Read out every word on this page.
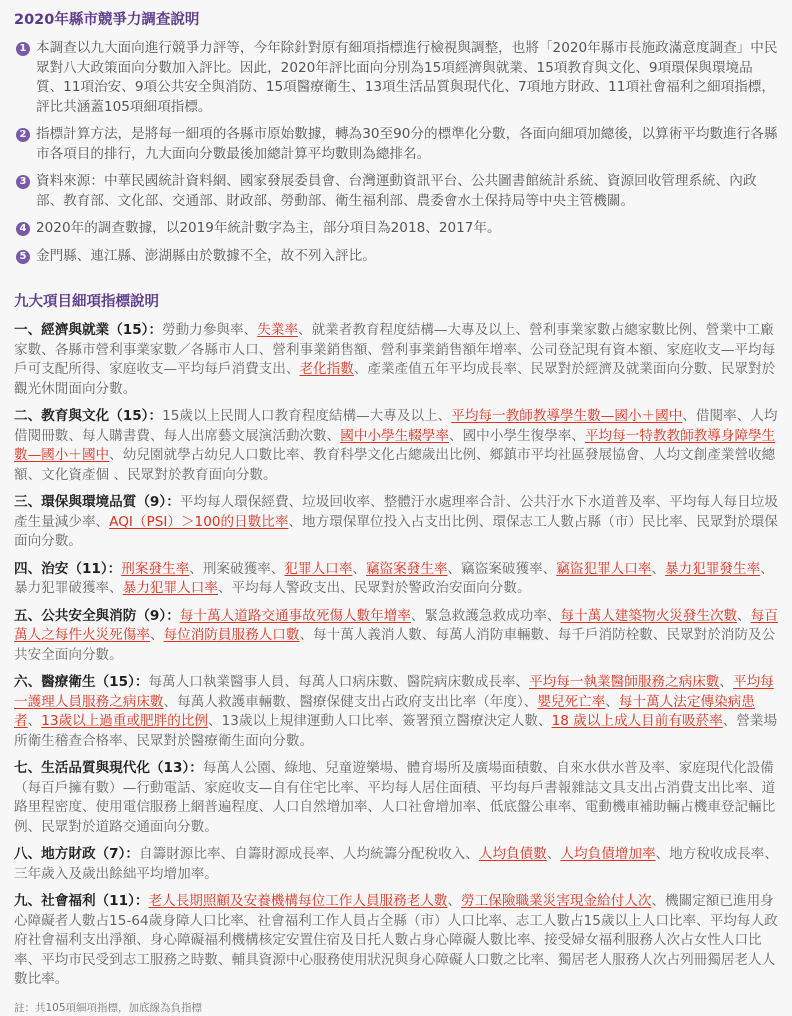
2020年縣市競爭力調查說明
1 本調查以九大面向進行競爭力評等，今年除針對原有細項指標進行檢視與調整，也將「2020年縣市長施政滿意度調查」中民眾對八大政策面向分數加入評比。因此，2020年評比面向分別為15項經濟與就業、15項教育與文化、9項環保與環境品質、11項治安、9項公共安全與消防、15項醫療衛生、13項生活品質與現代化、7項地方財政、11項社會福利之細項指標，評比共涵蓋105項細項指標。
2 指標計算方法，是將每一細項的各縣市原始數據，轉為30至90分的標準化分數，各面向細項加總後，以算術平均數進行各縣市各項目的排行，九大面向分數最後加總計算平均數則為總排名。
3 資料來源：中華民國統計資料網、國家發展委員會、台灣運動資訊平台、公共圖書館統計系統、資源回收管理系統、內政部、教育部、文化部、交通部、財政部、勞動部、衛生福利部、農委會水土保持局等中央主管機關。
4 2020年的調查數據，以2019年統計數字為主，部分項目為2018、2017年。
5 金門縣、連江縣、澎湖縣由於數據不全，故不列入評比。
九大項目細項指標說明
一、經濟與就業（15）：勞動力參與率、失業率、就業者教育程度結構—大專及以上、營利事業家數占總家數比例、營業中工廠家數、各縣市營利事業家數／各縣市人口、營利事業銷售額、營利事業銷售額年增率、公司登記現有資本額、家庭收支—平均每戶可支配所得、家庭收支—平均每戶消費支出、老化指數、產業產值五年平均成長率、民眾對於經濟及就業面向分數、民眾對於觀光休閒面向分數。
二、教育與文化（15）：15歲以上民間人口教育程度結構—大專及以上、平均每一教師教導學生數—國小＋國中、借閱率、人均借閱冊數、每人購書費、每人出席藝文展演活動次數、國中小學生輟學率、國中小學生復學率、平均每一特教教師教導身障學生數—國小＋國中、幼兒園就學占幼兒人口數比率、教育科學文化占總歲出比例、鄉鎮市平均社區發展協會、人均文創產業營收總額、文化資產個 、民眾對於教育面向分數。
三、環保與環境品質（9）：平均每人環保經費、垃圾回收率、整體汙水處理率合計、公共汙水下水道普及率、平均每人每日垃圾產生量減少率、AQI（PSI）＞100的日數比率、地方環保單位投入占支出比例、環保志工人數占縣（市）民比率、民眾對於環保面向分數。
四、治安（11）：刑案發生率、刑案破獲率、犯罪人口率、竊盜案發生率、竊盜案破獲率、竊盜犯罪人口率、暴力犯罪發生率、暴力犯罪破獲率、暴力犯罪人口率、平均每人警政支出、民眾對於警政治安面向分數。
五、公共安全與消防（9）：每十萬人道路交通事故死傷人數年增率、緊急救護急救成功率、每十萬人建築物火災發生次數、每百萬人之每件火災死傷率、每位消防員服務人口數、每十萬人義消人數、每萬人消防車輛數、每千戶消防栓數、民眾對於消防及公共安全面向分數。
六、醫療衛生（15）：每萬人口執業醫事人員、每萬人口病床數、醫院病床數成長率、平均每一執業醫師服務之病床數、平均每一護理人員服務之病床數、每萬人救護車輛數、醫療保健支出占政府支出比率（年度）、嬰兒死亡率、每十萬人法定傳染病患者、13歲以上過重或肥胖的比例、13歲以上規律運動人口比率、簽署預立醫療決定人數、18 歲以上成人目前有吸菸率、營業場所衛生稽查合格率、民眾對於醫療衛生面向分數。
七、生活品質與現代化（13）：每萬人公園、綠地、兒童遊樂場、體育場所及廣場面積數、自來水供水普及率、家庭現代化設備（每百戶擁有數）—行動電話、家庭收支—自有住宅比率、平均每人居住面積、平均每戶書報雜誌文具支出占消費支出比率、道路里程密度、使用電信服務上網普遍程度、人口自然增加率、人口社會增加率、低底盤公車率、電動機車補助輛占機車登記輛比例、民眾對於道路交通面向分數。
八、地方財政（7）：自籌財源比率、自籌財源成長率、人均統籌分配稅收入、人均負債數、人均負債增加率、地方稅收成長率、三年歲入及歲出餘絀平均增加率。
九、社會福利（11）：老人長期照顧及安養機構每位工作人員服務老人數、勞工保險職業災害現金給付人次、機關定額已進用身心障礙者人數占15-64歲身障人口比率、社會福利工作人員占全縣（市）人口比率、志工人數占15歲以上人口比率、平均每人政府社會福利支出淨額、身心障礙福利機構核定安置住宿及日托人數占身心障礙人數比率、接受婦女福利服務人次占女性人口比率、平均市民受到志工服務之時數、輔具資源中心服務使用狀況與身心障礙人口數之比率、獨居老人服務人次占列冊獨居老人人數比率。
註：共105項細項指標，加底線為負指標
